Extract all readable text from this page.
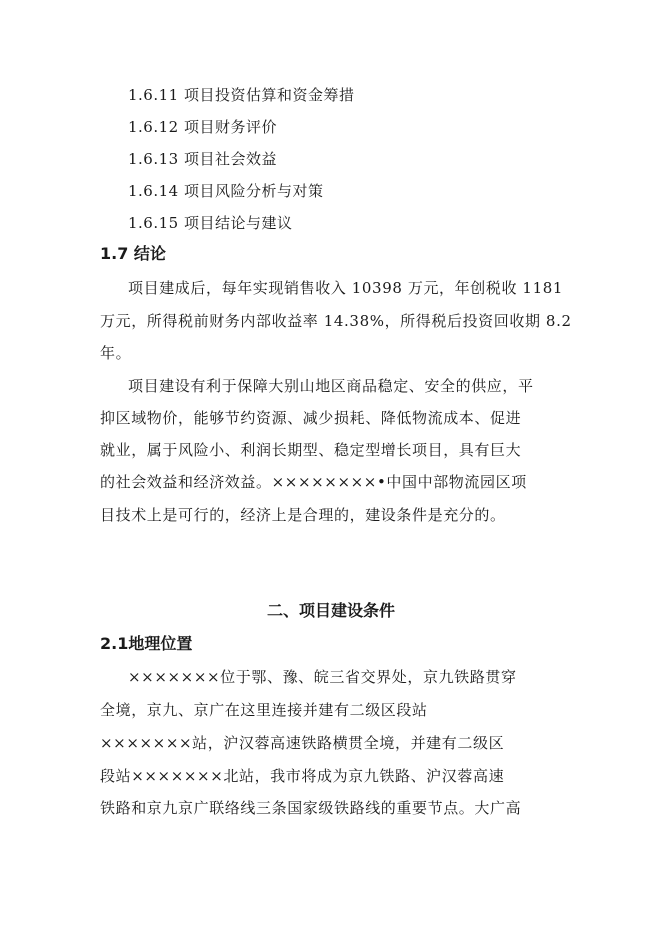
1.6.11 项目投资估算和资金筹措
1.6.12 项目财务评价
1.6.13 项目社会效益
1.6.14 项目风险分析与对策
1.6.15 项目结论与建议
1.7 结论
项目建成后，每年实现销售收入 10398 万元，年创税收 1181
万元，所得税前财务内部收益率 14.38%，所得税后投资回收期 8.2
年。
项目建设有利于保障大别山地区商品稳定、安全的供应，平
抑区域物价，能够节约资源、减少损耗、降低物流成本、促进
就业，属于风险小、利润长期型、稳定型增长项目，具有巨大
的社会效益和经济效益。××××××××•中国中部物流园区项
目技术上是可行的，经济上是合理的，建设条件是充分的。
二、项目建设条件
2.1地理位置
×××××××位于鄂、豫、皖三省交界处，京九铁路贯穿
全境，京九、京广在这里连接并建有二级区段站
×××××××站，沪汉蓉高速铁路横贯全境，并建有二级区
段站×××××××北站，我市将成为京九铁路、沪汉蓉高速
铁路和京九京广联络线三条国家级铁路线的重要节点。大广高
